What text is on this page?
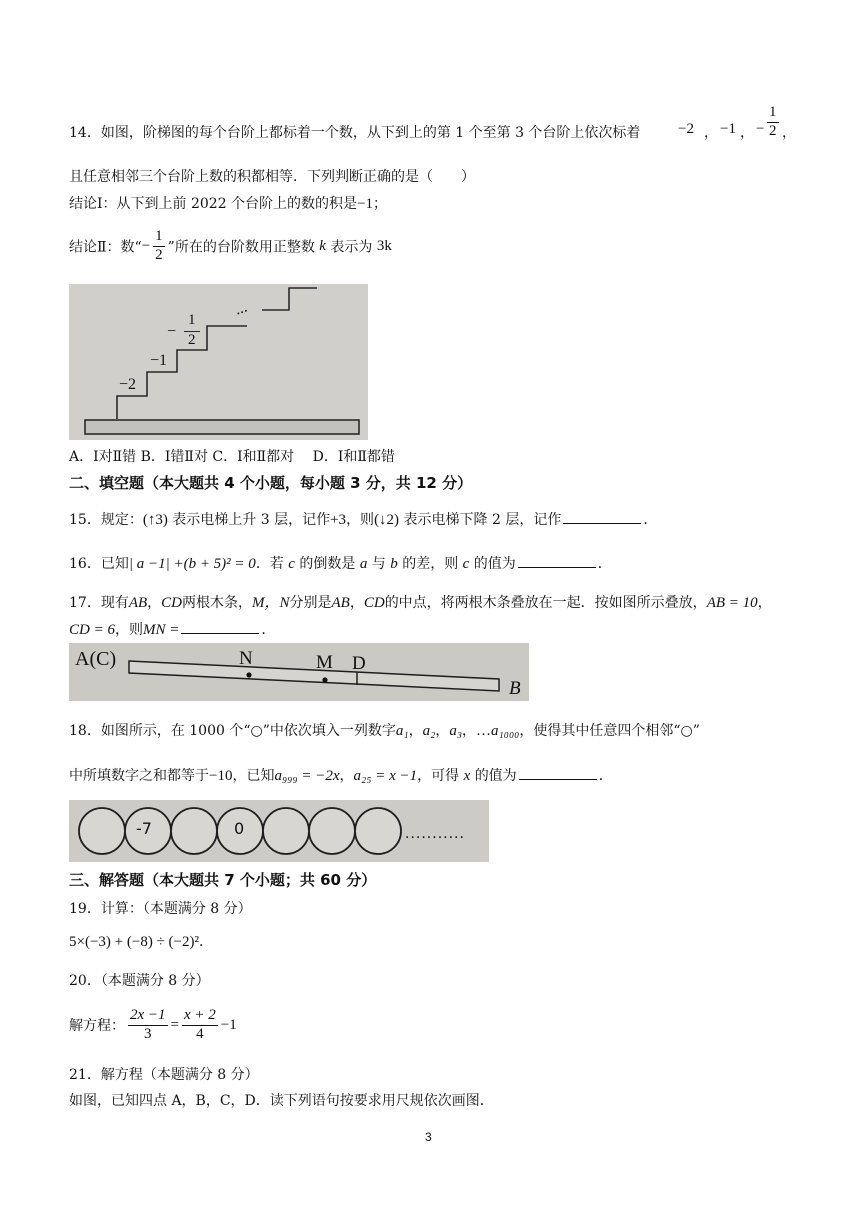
14．如图，阶梯图的每个台阶上都标着一个数，从下到上的第 1 个至第 3 个台阶上依次标着	−2 ， −1 ， − $\frac{1}{2}$ ，
且任意相邻三个台阶上数的积都相等．下列判断正确的是（　　）
结论Ⅰ：从下到上前 2022 个台阶上的数的积是−1；
结论Ⅱ：数“− $\frac{1}{2}$ ”所在的台阶数用正整数 k 表示为 3k
−2
−1
−
1
2
...
A．Ⅰ对Ⅱ错 B．Ⅰ错Ⅱ对 C．Ⅰ和Ⅱ都对　 D．Ⅰ和Ⅱ都错
二、填空题（本大题共 4 个小题，每小题 3 分，共 12 分）
15．规定：(↑3) 表示电梯上升 3 层，记作+3，则(↓2) 表示电梯下降 2 层，记作	．
16．已知| a −1| +(b + 5)² = 0．若 c 的倒数是 a 与 b 的差，则 c 的值为	．
17．现有AB，CD两根木条，M，N分别是AB，CD的中点，将两根木条叠放在一起．按如图所示叠放，AB = 10，
CD = 6，则MN =	．
A(C)	N	M D
B
18．如图所示，在 1000 个“○”中依次填入一列数字a₁，a₂，a₃，…a₁₀₀₀，使得其中任意四个相邻“○”
中所填数字之和都等于−10，已知a₉₉₉ = −2x，a₂₅ = x −1，可得 x 的值为	．
-7	0	...........
三、解答题（本大题共 7 个小题；共 60 分）
19．计算：（本题满分 8 分）
5×(−3) + (−8) ÷ (−2)²．
20．（本题满分 8 分）
解方程： $\frac{2x -1}{3} = \frac{x + 2}{4} -1$
21．解方程（本题满分 8 分）
如图，已知四点 A，B，C，D．读下列语句按要求用尺规依次画图．
3
